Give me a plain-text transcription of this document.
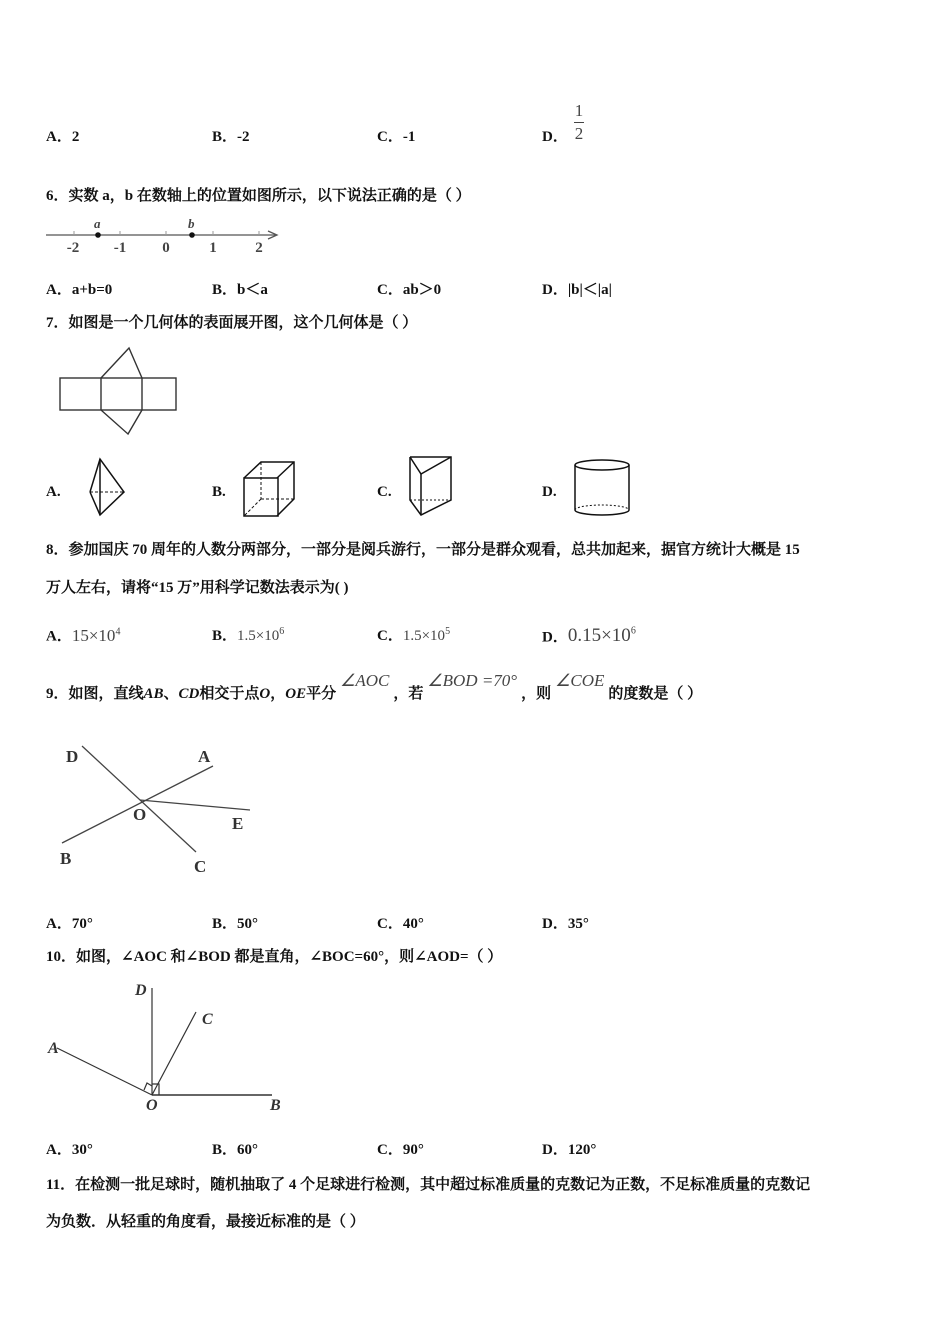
A．2	B．-2	C．-1	D．
1
2
6．实数 a，b 在数轴上的位置如图所示，以下说法正确的是（ ）
a	b
-2 -1 0	1	2
A．a+b=0	B．b＜a	C．ab＞0	D．|b|＜|a|
7．如图是一个几何体的表面展开图，这个几何体是（ ）
A.	B.	C.	D.
8．参加国庆 70 周年的人数分两部分，一部分是阅兵游行，一部分是群众观看，总共加起来，据官方统计大概是 15
万人左右，请将“15 万”用科学记数法表示为( )
A．$15\times 10^4$	B．$1.5\times 10^6$	C．$1.5\times 10^5$	D．$0.15\times 10^6$
9．如图，直线AB、CD相交于点O，OE平分∠AOC，若∠BOD =70°，则∠COE的度数是（ ）
D	A
O	E
B	C
A．70°	B．50°	C．40°	D．35°
10．如图，∠AOC 和∠BOD 都是直角，∠BOC=60°，则∠AOD=（ ）
D
C
A
O	B
A．30°	B．60°	C．90°	D．120°
11．在检测一批足球时，随机抽取了 4 个足球进行检测，其中超过标准质量的克数记为正数，不足标准质量的克数记
为负数．从轻重的角度看，最接近标准的是（ ）
